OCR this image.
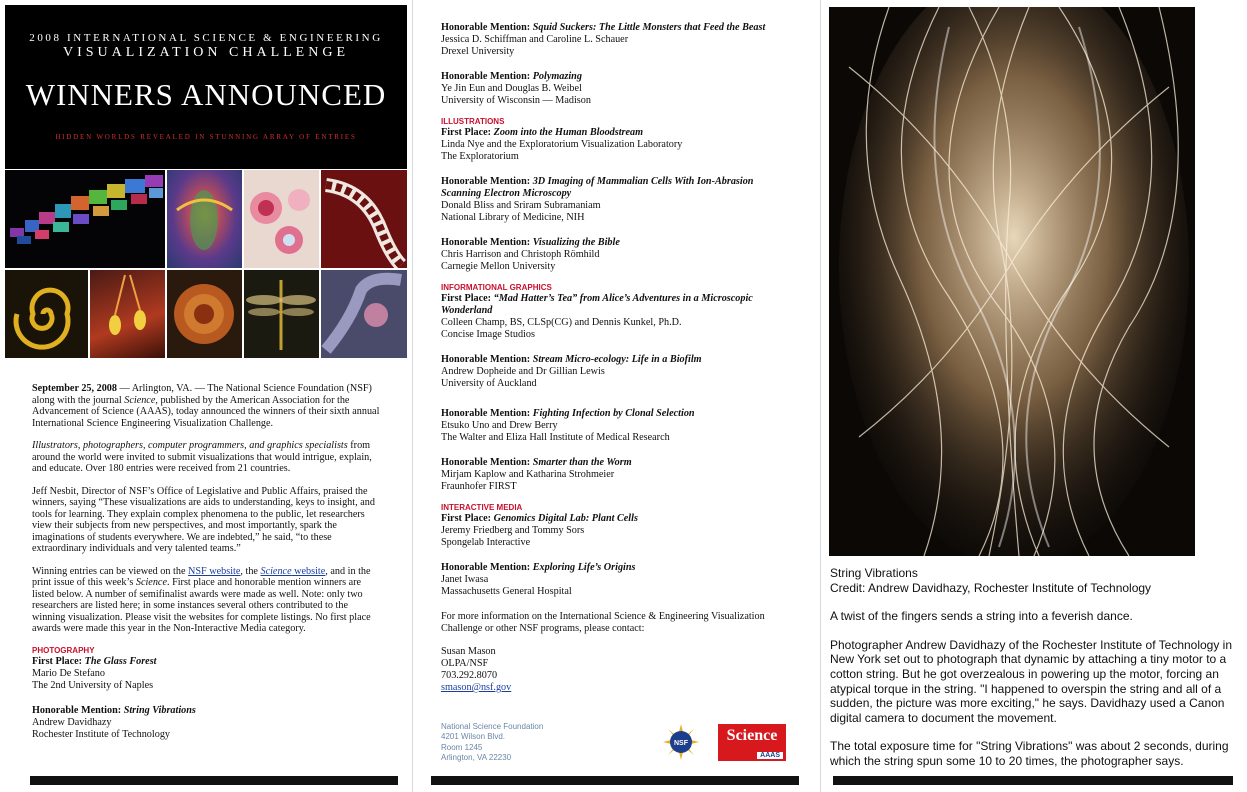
2008 INTERNATIONAL SCIENCE & ENGINEERING
VISUALIZATION CHALLENGE
WINNERS ANNOUNCED
HIDDEN WORLDS REVEALED IN STUNNING ARRAY OF ENTRIES

September 25, 2008 — Arlington, VA. — The National Science Foundation (NSF) along with the journal Science, published by the American Association for the Advancement of Science (AAAS), today announced the winners of their sixth annual International Science Engineering Visualization Challenge.

Illustrators, photographers, computer programmers, and graphics specialists from around the world were invited to submit visualizations that would intrigue, explain, and educate. Over 180 entries were received from 21 countries.

Jeff Nesbit, Director of NSF’s Office of Legislative and Public Affairs, praised the winners, saying “These visualizations are aids to understanding, keys to insight, and tools for learning. They explain complex phenomena to the public, let researchers view their subjects from new perspectives, and most importantly, spark the imaginations of students everywhere. We are indebted,” he said, “to these extraordinary individuals and very talented teams.”

Winning entries can be viewed on the NSF website, the Science website, and in the print issue of this week’s Science. First place and honorable mention winners are listed below. A number of semifinalist awards were made as well. Note: only two researchers are listed here; in some instances several others contributed to the winning visualization. Please visit the websites for complete listings. No first place awards were made this year in the Non-Interactive Media category.

PHOTOGRAPHY
First Place: The Glass Forest
Mario De Stefano
The 2nd University of Naples
Honorable Mention: String Vibrations
Andrew Davidhazy
Rochester Institute of Technology
Honorable Mention: Squid Suckers: The Little Monsters that Feed the Beast
Jessica D. Schiffman and Caroline L. Schauer
Drexel University
Honorable Mention: Polymazing
Ye Jin Eun and Douglas B. Weibel
University of Wisconsin — Madison
ILLUSTRATIONS
First Place: Zoom into the Human Bloodstream
Linda Nye and the Exploratorium Visualization Laboratory
The Exploratorium
Honorable Mention: 3D Imaging of Mammalian Cells With Ion-Abrasion Scanning Electron Microscopy
Donald Bliss and Sriram Subramaniam
National Library of Medicine, NIH
Honorable Mention: Visualizing the Bible
Chris Harrison and Christoph Römhild
Carnegie Mellon University
INFORMATIONAL GRAPHICS
First Place: “Mad Hatter’s Tea” from Alice’s Adventures in a Microscopic Wonderland
Colleen Champ, BS, CLSp(CG) and Dennis Kunkel, Ph.D.
Concise Image Studios
Honorable Mention: Stream Micro-ecology: Life in a Biofilm
Andrew Dopheide and Dr Gillian Lewis
University of Auckland
Honorable Mention: Fighting Infection by Clonal Selection
Etsuko Uno and Drew Berry
The Walter and Eliza Hall Institute of Medical Research
Honorable Mention: Smarter than the Worm
Mirjam Kaplow and Katharina Strohmeier
Fraunhofer FIRST
INTERACTIVE MEDIA
First Place: Genomics Digital Lab: Plant Cells
Jeremy Friedberg and Tommy Sors
Spongelab Interactive
Honorable Mention: Exploring Life’s Origins
Janet Iwasa
Massachusetts General Hospital
For more information on the International Science & Engineering Visualization Challenge or other NSF programs, please contact:
Susan Mason
OLPA/NSF
703.292.8070
smason@nsf.gov
National Science Foundation
4201 Wilson Blvd.
Room 1245
Arlington, VA 22230
NSF	Science
AAAS
String Vibrations
Credit: Andrew Davidhazy, Rochester Institute of Technology

A twist of the fingers sends a string into a feverish dance.

Photographer Andrew Davidhazy of the Rochester Institute of Technology in New York set out to photograph that dynamic by attaching a tiny motor to a cotton string. But he got overzealous in powering up the motor, forcing an atypical torque in the string. "I happened to overspin the string and all of a sudden, the picture was more exciting," he says. Davidhazy used a Canon digital camera to document the movement.

The total exposure time for "String Vibrations" was about 2 seconds, during which the string spun some 10 to 20 times, the photographer says.
